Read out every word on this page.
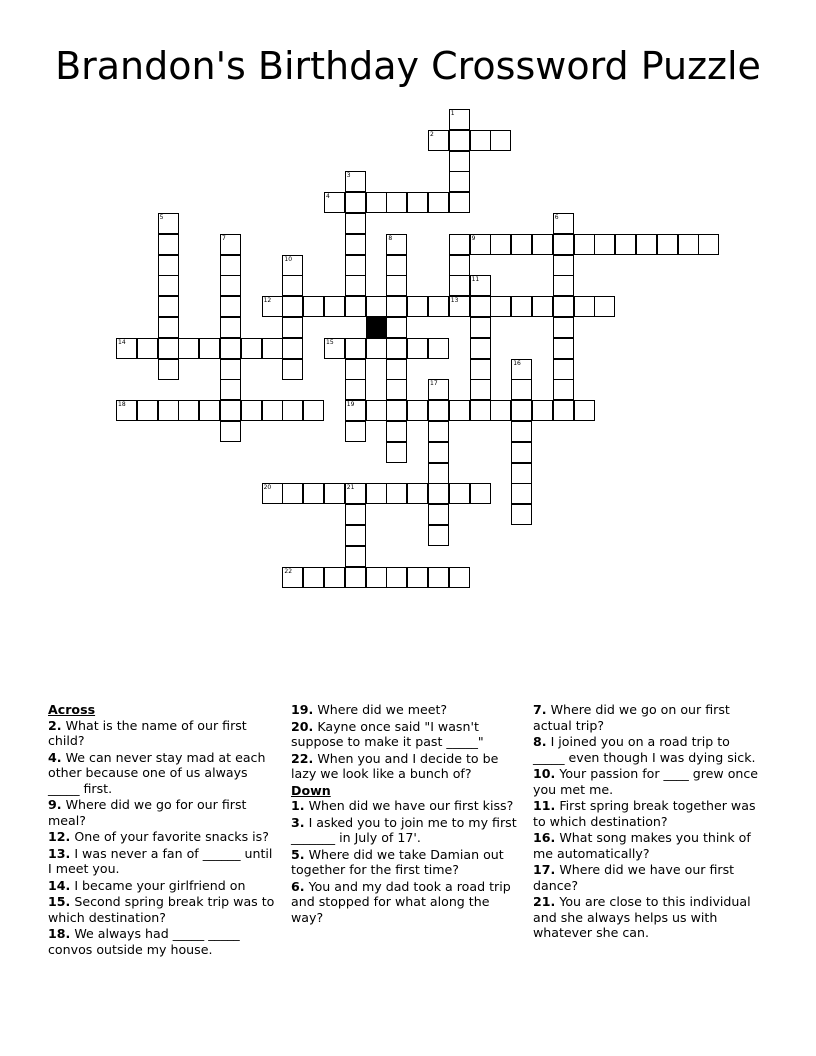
Brandon's Birthday Crossword Puzzle
1
2
3
4
5	6
7	8	9
10
11
12	13
14	15
16
17
18	19
20	21
22
Across
2. What is the name of our first child?
4. We can never stay mad at each other because one of us always _____ first.
9. Where did we go for our first meal?
12. One of your favorite snacks is?
13. I was never a fan of ______ until I meet you.
14. I became your girlfriend on
15. Second spring break trip was to which destination?
18. We always had _____ _____ convos outside my house.
19. Where did we meet?
20. Kayne once said "I wasn't suppose to make it past _____"
22. When you and I decide to be lazy we look like a bunch of?
Down
1. When did we have our first kiss?
3. I asked you to join me to my first _______ in July of 17'.
5. Where did we take Damian out together for the first time?
6. You and my dad took a road trip and stopped for what along the way?
7. Where did we go on our first actual trip?
8. I joined you on a road trip to _____ even though I was dying sick.
10. Your passion for ____ grew once you met me.
11. First spring break together was to which destination?
16. What song makes you think of me automatically?
17. Where did we have our first dance?
21. You are close to this individual and she always helps us with whatever she can.
